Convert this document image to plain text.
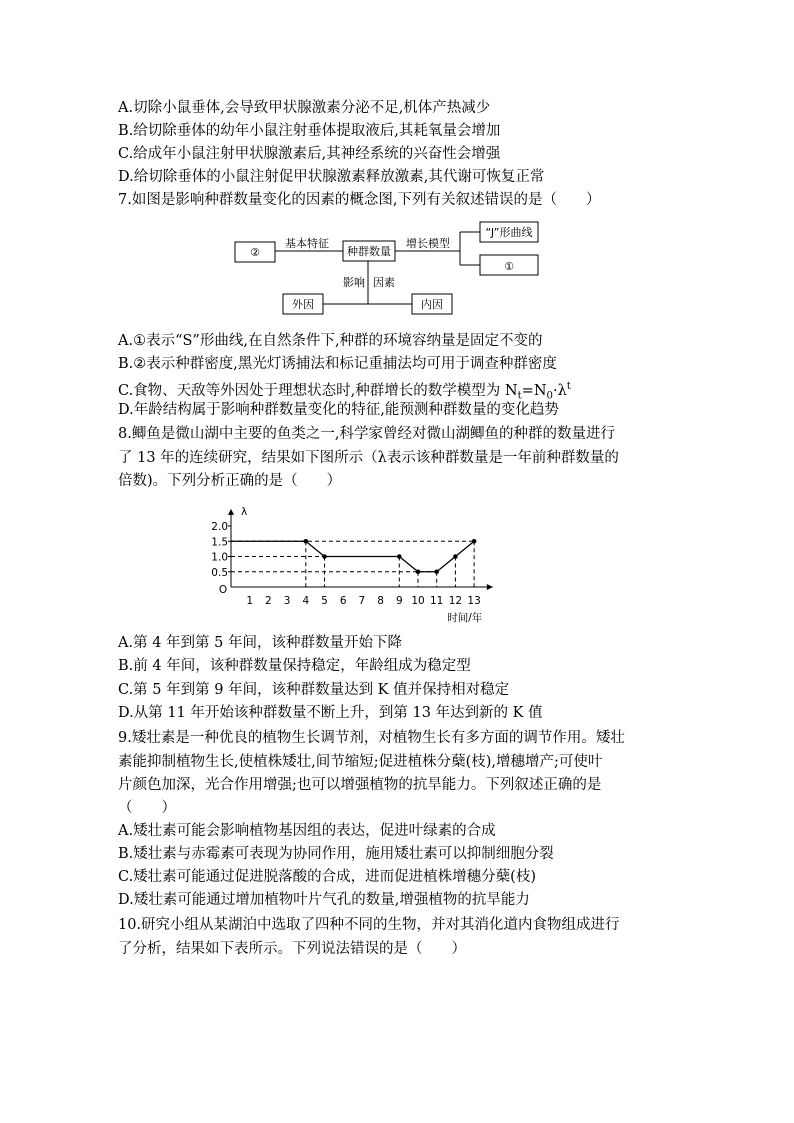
A.切除小鼠垂体,会导致甲状腺激素分泌不足,机体产热减少
B.给切除垂体的幼年小鼠注射垂体提取液后,其耗氧量会增加
C.给成年小鼠注射甲状腺激素后,其神经系统的兴奋性会增强
D.给切除垂体的小鼠注射促甲状腺激素释放激素,其代谢可恢复正常
7.如图是影响种群数量变化的因素的概念图,下列有关叙述错误的是（　　）
②	种群数量
“J”形曲线
①
外因	内因
基本特征	增长模型
影响 因素
A.①表示“S”形曲线,在自然条件下,种群的环境容纳量是固定不变的
B.②表示种群密度,黑光灯诱捕法和标记重捕法均可用于调查种群密度
C.食物、天敌等外因处于理想状态时,种群增长的数学模型为 $N_t=N_0\cdot\lambda^t$
D.年龄结构属于影响种群数量变化的特征,能预测种群数量的变化趋势
8.鲫鱼是微山湖中主要的鱼类之一,科学家曾经对微山湖鲫鱼的种群的数量进行
了 13 年的连续研究，结果如下图所示（λ表示该种群数量是一年前种群数量的
倍数)。下列分析正确的是（　　）
λ
时间/年
O
1 2 3 4 5 6 7 8 9 10 11 12 13
0.5
1.0
1.5
2.0
A.第 4 年到第 5 年间，该种群数量开始下降
B.前 4 年间，该种群数量保持稳定，年龄组成为稳定型
C.第 5 年到第 9 年间，该种群数量达到 K 值并保持相对稳定
D.从第 11 年开始该种群数量不断上升，到第 13 年达到新的 K 值
9.矮壮素是一种优良的植物生长调节剂，对植物生长有多方面的调节作用。矮壮
素能抑制植物生长,使植株矮壮,间节缩短;促进植株分蘖(枝),增穗增产;可使叶
片颜色加深，光合作用增强;也可以增强植物的抗旱能力。下列叙述正确的是
（　　）
A.矮壮素可能会影响植物基因组的表达，促进叶绿素的合成
B.矮壮素与赤霉素可表现为协同作用，施用矮壮素可以抑制细胞分裂
C.矮壮素可能通过促进脱落酸的合成，进而促进植株增穗分蘖(枝)
D.矮壮素可能通过增加植物叶片气孔的数量,增强植物的抗旱能力
10.研究小组从某湖泊中选取了四种不同的生物，并对其消化道内食物组成进行
了分析，结果如下表所示。下列说法错误的是（　　）
